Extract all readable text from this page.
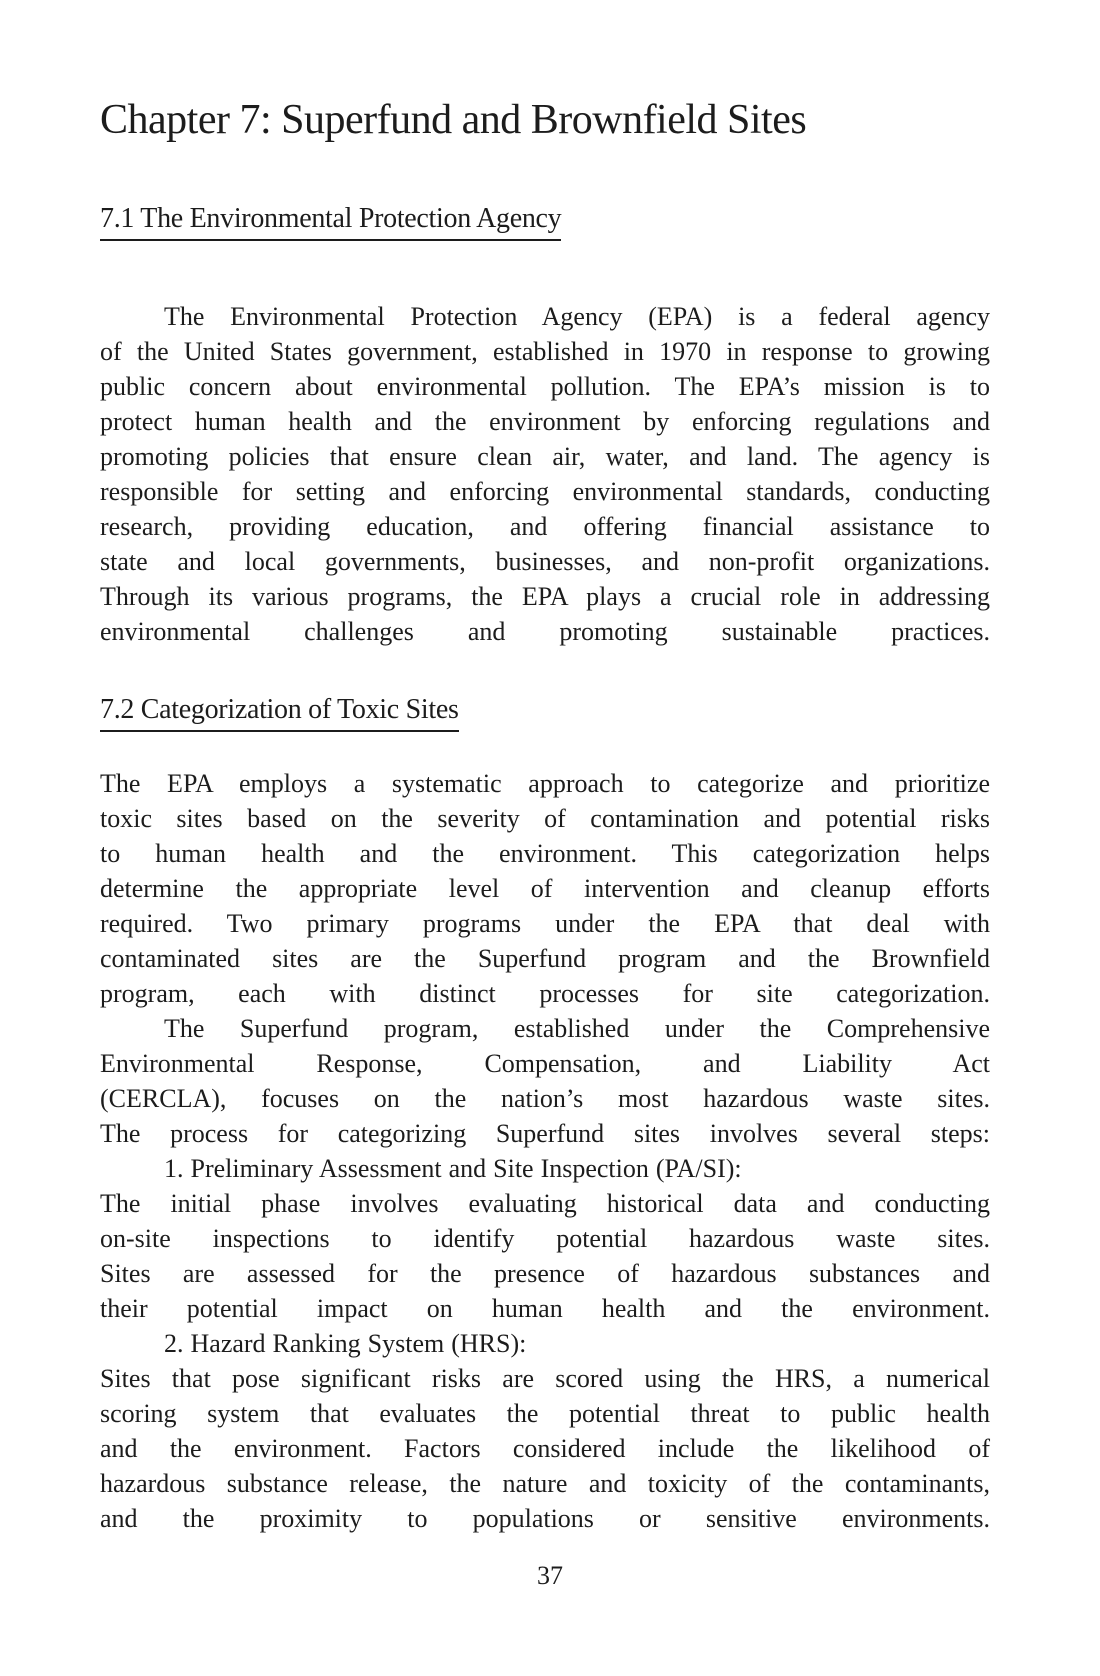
Chapter 7: Superfund and Brownfield Sites
7.1 The Environmental Protection Agency
The Environmental Protection Agency (EPA) is a federal agency
of the United States government, established in 1970 in response to growing
public concern about environmental pollution. The EPA’s mission is to
protect human health and the environment by enforcing regulations and
promoting policies that ensure clean air, water, and land. The agency is
responsible for setting and enforcing environmental standards, conducting
research, providing education, and offering financial assistance to
state and local governments, businesses, and non-profit organizations.
Through its various programs, the EPA plays a crucial role in addressing
environmental challenges and promoting sustainable practices.
7.2 Categorization of Toxic Sites
The EPA employs a systematic approach to categorize and prioritize
toxic sites based on the severity of contamination and potential risks
to human health and the environment. This categorization helps
determine the appropriate level of intervention and cleanup efforts
required. Two primary programs under the EPA that deal with
contaminated sites are the Superfund program and the Brownfield
program, each with distinct processes for site categorization.
The Superfund program, established under the Comprehensive
Environmental Response, Compensation, and Liability Act
(CERCLA), focuses on the nation’s most hazardous waste sites.
The process for categorizing Superfund sites involves several steps:
1. Preliminary Assessment and Site Inspection (PA/SI):
The initial phase involves evaluating historical data and conducting
on-site inspections to identify potential hazardous waste sites.
Sites are assessed for the presence of hazardous substances and
their potential impact on human health and the environment.
2. Hazard Ranking System (HRS):
Sites that pose significant risks are scored using the HRS, a numerical
scoring system that evaluates the potential threat to public health
and the environment. Factors considered include the likelihood of
hazardous substance release, the nature and toxicity of the contaminants,
and the proximity to populations or sensitive environments.
37
